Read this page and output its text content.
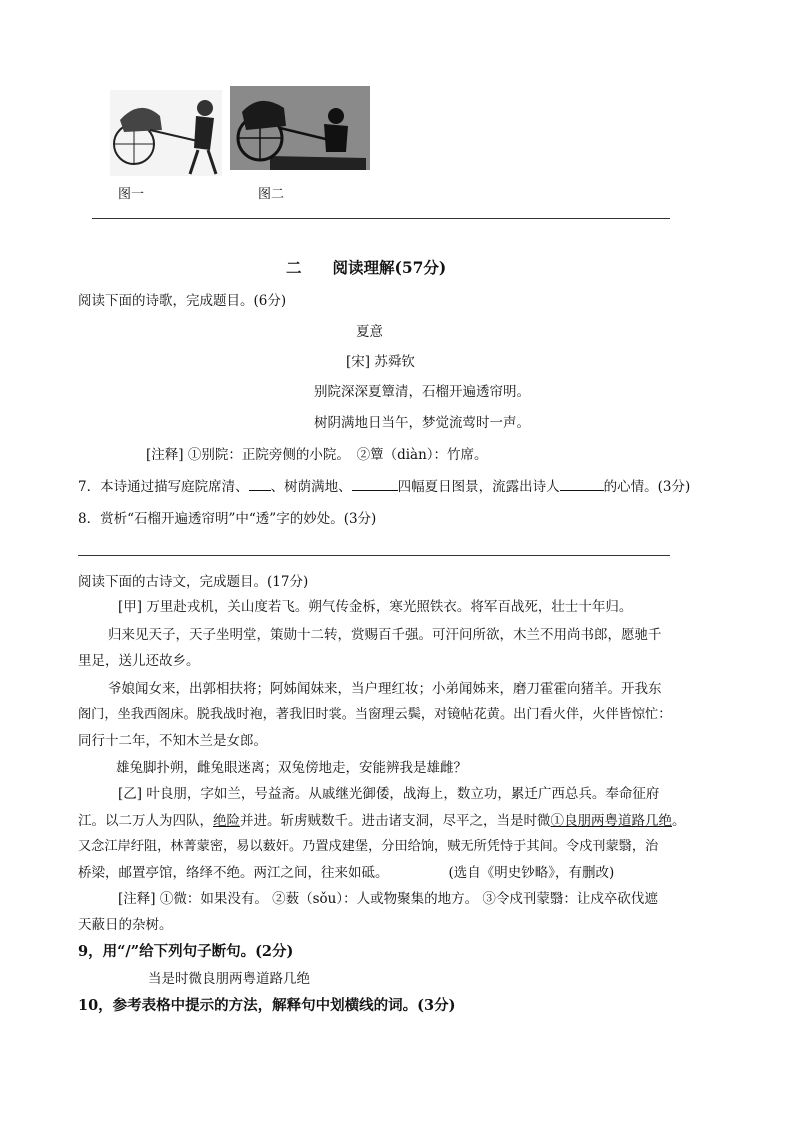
图一	图二
二　　阅读理解(57分)
阅读下面的诗歌，完成题目。(6分)
夏意
[宋] 苏舜钦
别院深深夏簟清，石榴开遍透帘明。
树阴满地日当午，梦觉流莺时一声。
[注释] ①别院：正院旁侧的小院。　②簟（diàn）：竹席。
7．本诗通过描写庭院席清、 、树荫满地、	四幅夏日图景，流露出诗人	的心情。(3分)
8．赏析“石榴开遍透帘明”中“透”字的妙处。(3分)
阅读下面的古诗文，完成题目。(17分)
[甲] 万里赴戎机，关山度若飞。朔气传金柝，寒光照铁衣。将军百战死，壮士十年归。
归来见天子，天子坐明堂，策勋十二转，赏赐百千强。可汗问所欲，木兰不用尚书郎，愿驰千
里足，送儿还故乡。
爷娘闻女来，出郭相扶将；阿姊闻妹来，当户理红妆；小弟闻姊来，磨刀霍霍向猪羊。开我东
阁门，坐我西阁床。脱我战时袍，著我旧时裳。当窗理云鬓，对镜帖花黄。出门看火伴，火伴皆惊忙：
同行十二年，不知木兰是女郎。
雄兔脚扑朔，雌兔眼迷离；双兔傍地走，安能辨我是雄雌？
[乙] 叶良朋，字如兰，号益斋。从戚继光御倭，战海上，数立功，累迁广西总兵。奉命征府
江。以二万人为四队，绝险并进。斩虏贼数千。进击诸支洞，尽平之，当是时微①良朋两粤道路几绝。
又念江岸纡阻，林菁蒙密，易以薮奸。乃置戍建堡，分田给饷，贼无所凭恃于其间。令戍刊蒙翳，治
桥梁，邮置亭馆，络绎不绝。两江之间，往来如砥。	(选自《明史钞略》，有删改)
[注释] ①微：如果没有。 ②薮（sǒu）：人或物聚集的地方。 ③令戍刊蒙翳：让戍卒砍伐遮
天蔽日的杂树。
9，用“/”给下列句子断句。(2分)
当是时微良朋两粤道路几绝
10，参考表格中提示的方法，解释句中划横线的词。(3分)
